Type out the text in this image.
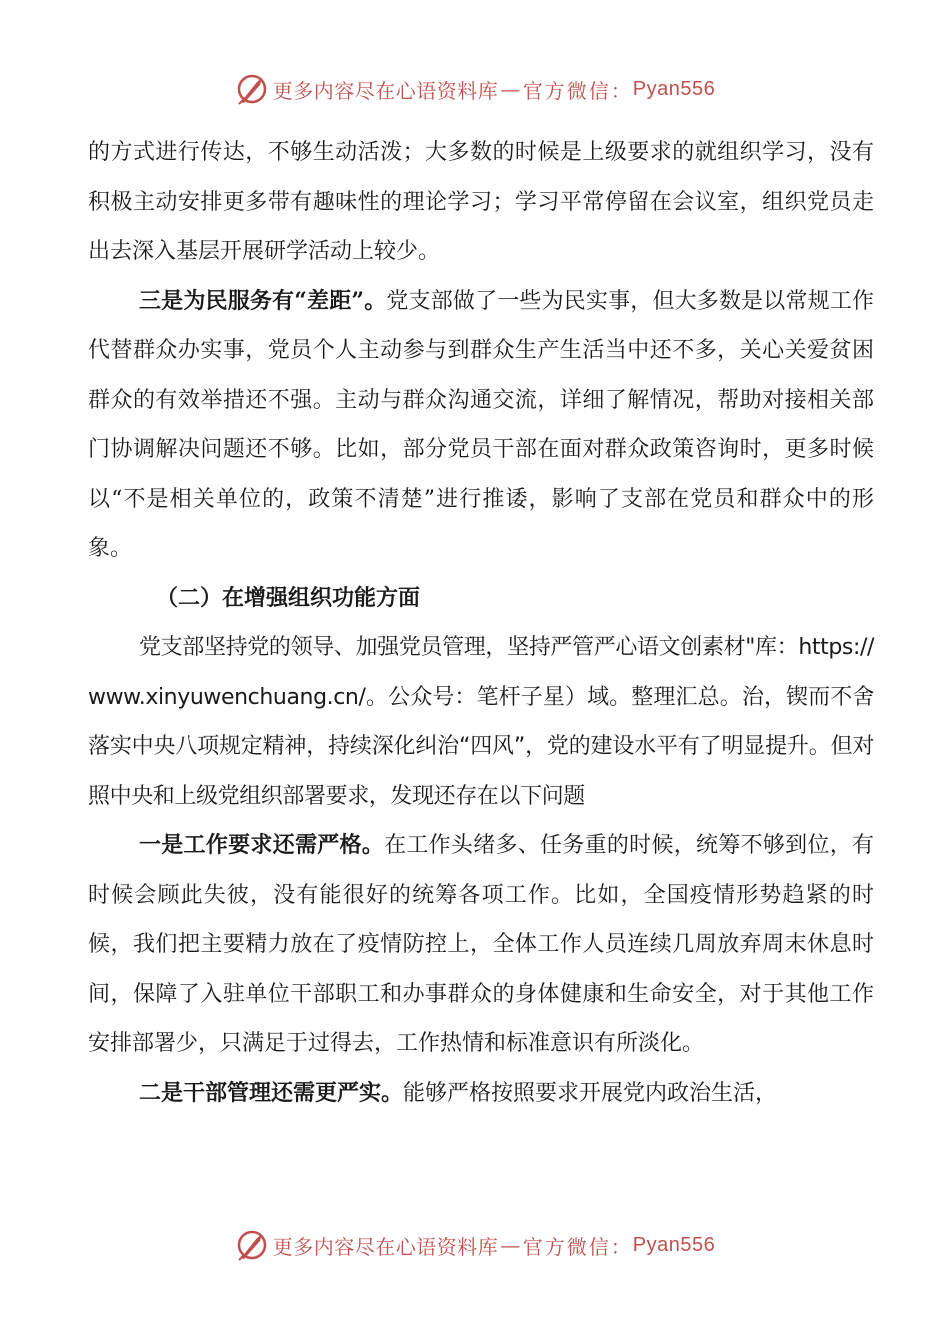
更多内容尽在心语资料库 — 官方微信： Pyan556

的方式进行传达，不够生动活泼；大多数的时候是上级要求的就组织学习，没有积极主动安排更多带有趣味性的理论学习；学习平常停留在会议室，组织党员走出去深入基层开展研学活动上较少。

三是为民服务有“差距”。党支部做了一些为民实事，但大多数是以常规工作代替群众办实事，党员个人主动参与到群众生产生活当中还不多，关心关爱贫困群众的有效举措还不强。主动与群众沟通交流，详细了解情况，帮助对接相关部门协调解决问题还不够。比如，部分党员干部在面对群众政策咨询时，更多时候以“不是相关单位的，政策不清楚”进行推诿，影响了支部在党员和群众中的形象。

（二）在增强组织功能方面

党支部坚持党的领导、加强党员管理，坚持严管严心语文创素材"库：https://www.xinyuwenchuang.cn/。公众号：笔杆子星）域。整理汇总。治，锲而不舍落实中央八项规定精神，持续深化纠治“四风”，党的建设水平有了明显提升。但对照中央和上级党组织部署要求，发现还存在以下问题

一是工作要求还需严格。在工作头绪多、任务重的时候，统筹不够到位，有时候会顾此失彼，没有能很好的统筹各项工作。比如，全国疫情形势趋紧的时候，我们把主要精力放在了疫情防控上，全体工作人员连续几周放弃周末休息时间，保障了入驻单位干部职工和办事群众的身体健康和生命安全，对于其他工作安排部署少，只满足于过得去，工作热情和标准意识有所淡化。

二是干部管理还需更严实。能够严格按照要求开展党内政治生活，

更多内容尽在心语资料库 — 官方微信： Pyan556
